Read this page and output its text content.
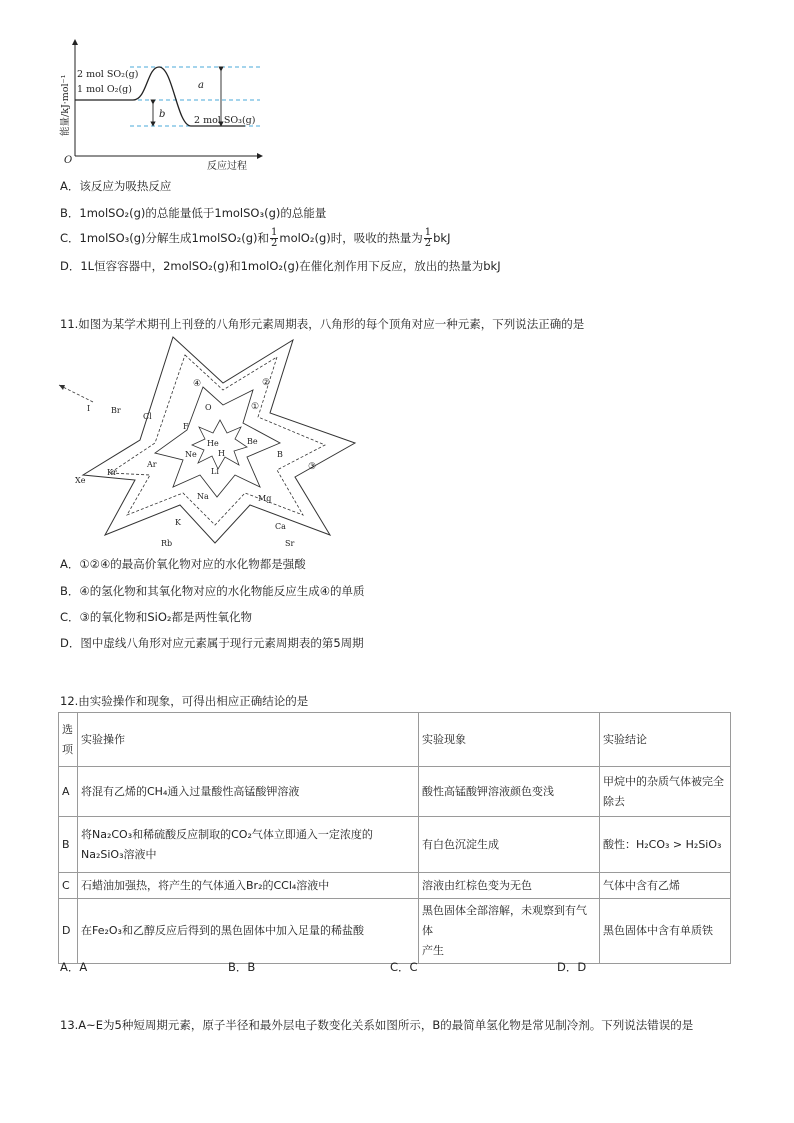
a
b
2 mol SO₂(g)
1 mol O₂(g)
2 mol SO₃(g)
O
反应过程
能量/kJ·mol⁻¹
A．该反应为吸热反应
B．1molSO₂(g)的总能量低于1molSO₃(g)的总能量
C．1molSO₃(g)分解生成1molSO₂(g)和 $\frac{1}{2}$ molO₂(g)时，吸收的热量为 $\frac{1}{2}$ bkJ
D．1L恒容容器中，2molSO₂(g)和1molO₂(g)在催化剂作用下反应，放出的热量为bkJ
11.如图为某学术期刊上刊登的八角形元素周期表，八角形的每个顶角对应一种元素，下列说法正确的是
I	Br
Cl
O
F
Ne
He
H
Ar
Kr
Xe
Li
Be
B
Na	Mg
K	Ca
Rb	Sr
①
②
③
④
A．①②④的最高价氧化物对应的水化物都是强酸
B．④的氢化物和其氧化物对应的水化物能反应生成④的单质
C．③的氧化物和SiO₂都是两性氧化物
D．图中虚线八角形对应元素属于现行元素周期表的第5周期
12.由实验操作和现象，可得出相应正确结论的是
选项	实验操作	实验现象	实验结论
A	将混有乙烯的CH₄通入过量酸性高锰酸钾溶液	酸性高锰酸钾溶液颜色变浅	甲烷中的杂质气体被完全
除去

B	将Na₂CO₃和稀硫酸反应制取的CO₂气体立即通入一定浓度的
Na₂SiO₃溶液中	有白色沉淀生成	酸性：H₂CO₃ > H₂SiO₃
C	石蜡油加强热，将产生的气体通入Br₂的CCl₄溶液中	溶液由红棕色变为无色	气体中含有乙烯
D	在Fe₂O₃和乙醇反应后得到的黑色固体中加入足量的稀盐酸	黑色固体全部溶解，未观察到有气体
产生	黑色固体中含有单质铁
A．A	B．B	C．C	D．D
13.A~E为5种短周期元素，原子半径和最外层电子数变化关系如图所示，B的最简单氢化物是常见制冷剂。下列说法错误的是
